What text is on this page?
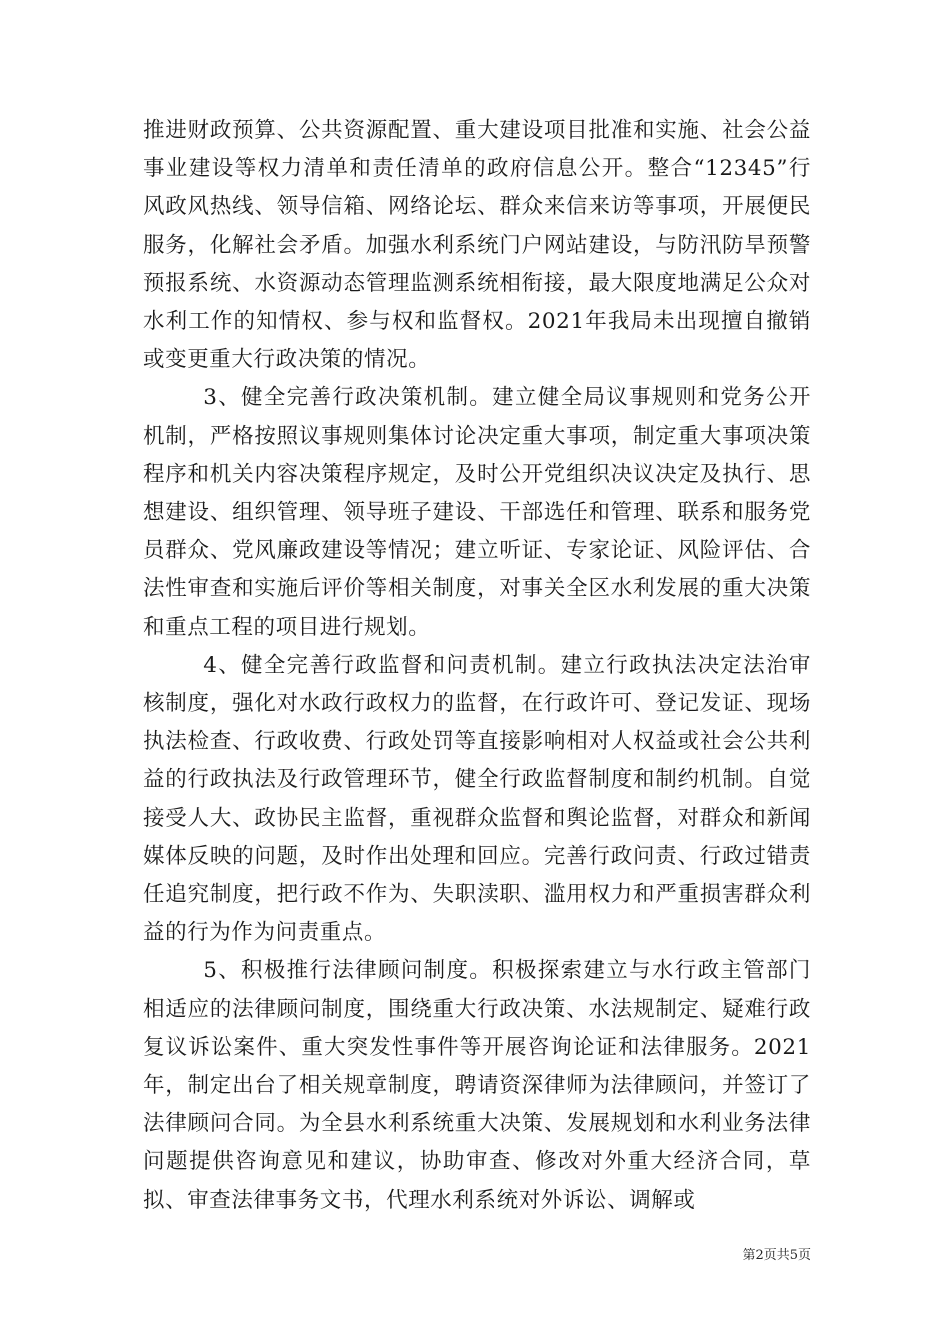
推进财政预算、公共资源配置、重大建设项目批准和实施、社会公益事业建设等权力清单和责任清单的政府信息公开。整合“12345”行风政风热线、领导信箱、网络论坛、群众来信来访等事项，开展便民服务，化解社会矛盾。加强水利系统门户网站建设，与防汛防旱预警预报系统、水资源动态管理监测系统相衔接，最大限度地满足公众对水利工作的知情权、参与权和监督权。2021年我局未出现擅自撤销或变更重大行政决策的情况。

3、健全完善行政决策机制。建立健全局议事规则和党务公开机制，严格按照议事规则集体讨论决定重大事项，制定重大事项决策程序和机关内容决策程序规定，及时公开党组织决议决定及执行、思想建设、组织管理、领导班子建设、干部选任和管理、联系和服务党员群众、党风廉政建设等情况；建立听证、专家论证、风险评估、合法性审查和实施后评价等相关制度，对事关全区水利发展的重大决策和重点工程的项目进行规划。

4、健全完善行政监督和问责机制。建立行政执法决定法治审核制度，强化对水政行政权力的监督，在行政许可、登记发证、现场执法检查、行政收费、行政处罚等直接影响相对人权益或社会公共利益的行政执法及行政管理环节，健全行政监督制度和制约机制。自觉接受人大、政协民主监督，重视群众监督和舆论监督，对群众和新闻媒体反映的问题，及时作出处理和回应。完善行政问责、行政过错责任追究制度，把行政不作为、失职渎职、滥用权力和严重损害群众利益的行为作为问责重点。

5、积极推行法律顾问制度。积极探索建立与水行政主管部门相适应的法律顾问制度，围绕重大行政决策、水法规制定、疑难行政复议诉讼案件、重大突发性事件等开展咨询论证和法律服务。2021年，制定出台了相关规章制度，聘请资深律师为法律顾问，并签订了法律顾问合同。为全县水利系统重大决策、发展规划和水利业务法律问题提供咨询意见和建议，协助审查、修改对外重大经济合同，草拟、审查法律事务文书，代理水利系统对外诉讼、调解或

第2页共5页
